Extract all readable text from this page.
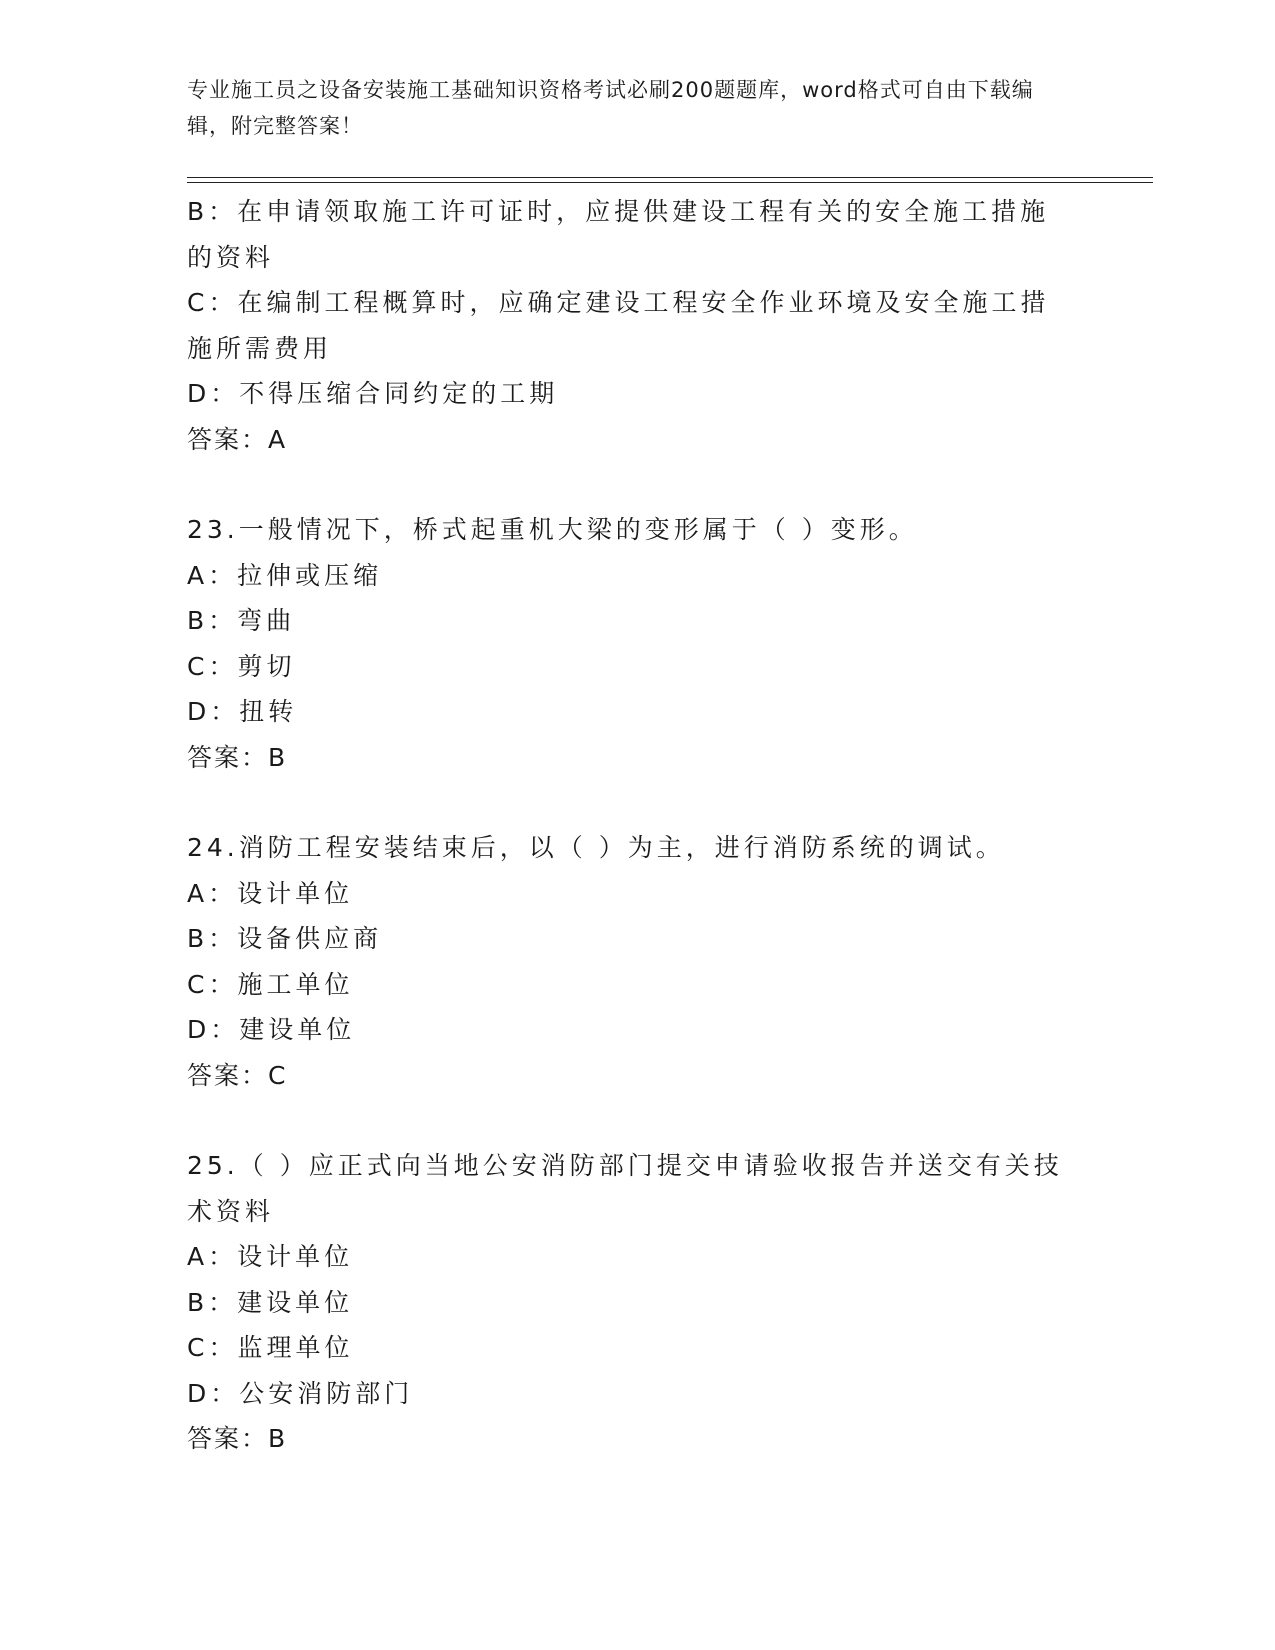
专业施工员之设备安装施工基础知识资格考试必刷200题题库，word格式可自由下载编辑，附完整答案！

B：在申请领取施工许可证时，应提供建设工程有关的安全施工措施的资料

C：在编制工程概算时，应确定建设工程安全作业环境及安全施工措施所需费用

D：不得压缩合同约定的工期

答案：A

23.一般情况下，桥式起重机大梁的变形属于（ ）变形。

A：拉伸或压缩

B：弯曲

C：剪切

D：扭转

答案：B

24.消防工程安装结束后，以（ ）为主，进行消防系统的调试。

A：设计单位

B：设备供应商

C：施工单位

D：建设单位

答案：C

25.（ ）应正式向当地公安消防部门提交申请验收报告并送交有关技术资料

A：设计单位

B：建设单位

C：监理单位

D：公安消防部门

答案：B
